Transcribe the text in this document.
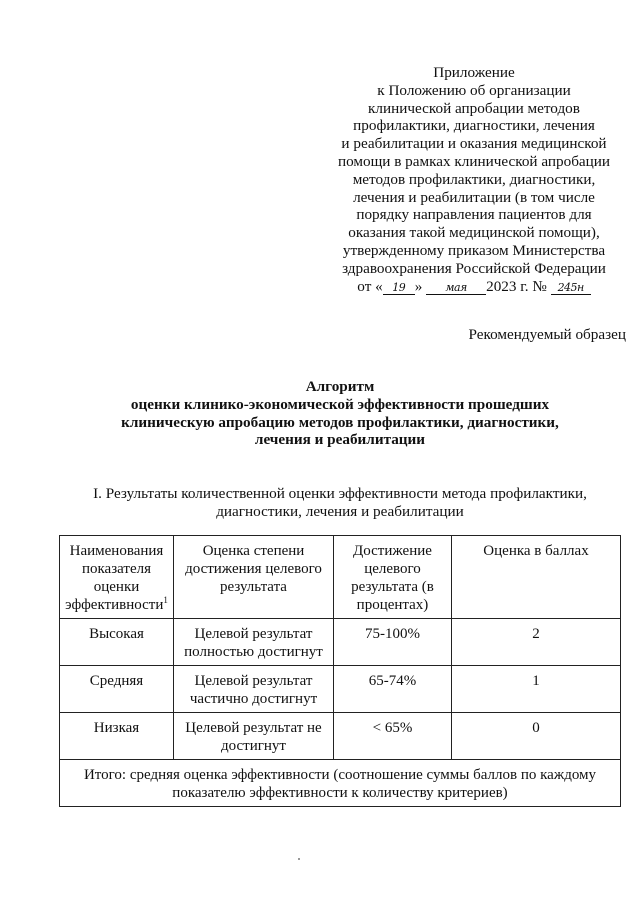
Приложение
к Положению об организации
клинической апробации методов
профилактики, диагностики, лечения
и реабилитации и оказания медицинской
помощи в рамках клинической апробации
методов профилактики, диагностики,
лечения и реабилитации (в том числе
порядку направления пациентов для
оказания такой медицинской помощи),
утвержденному приказом Министерства
здравоохранения Российской Федерации
от « 19 » мая 2023 г. № 245н
Рекомендуемый образец
Алгоритм
оценки клинико-экономической эффективности прошедших
клиническую апробацию методов профилактики, диагностики,
лечения и реабилитации
I. Результаты количественной оценки эффективности метода профилактики,
диагностики, лечения и реабилитации
Наименования показателя оценки эффективности$^1$	Оценка степени достижения целевого результата	Достижение целевого результата (в процентах)	Оценка в баллах
Высокая	Целевой результат полностью достигнут	75-100%	2
Средняя	Целевой результат частично достигнут	65-74%	1
Низкая	Целевой результат не достигнут	< 65%	0
Итого: средняя оценка эффективности (соотношение суммы баллов по каждому показателю эффективности к количеству критериев)			
